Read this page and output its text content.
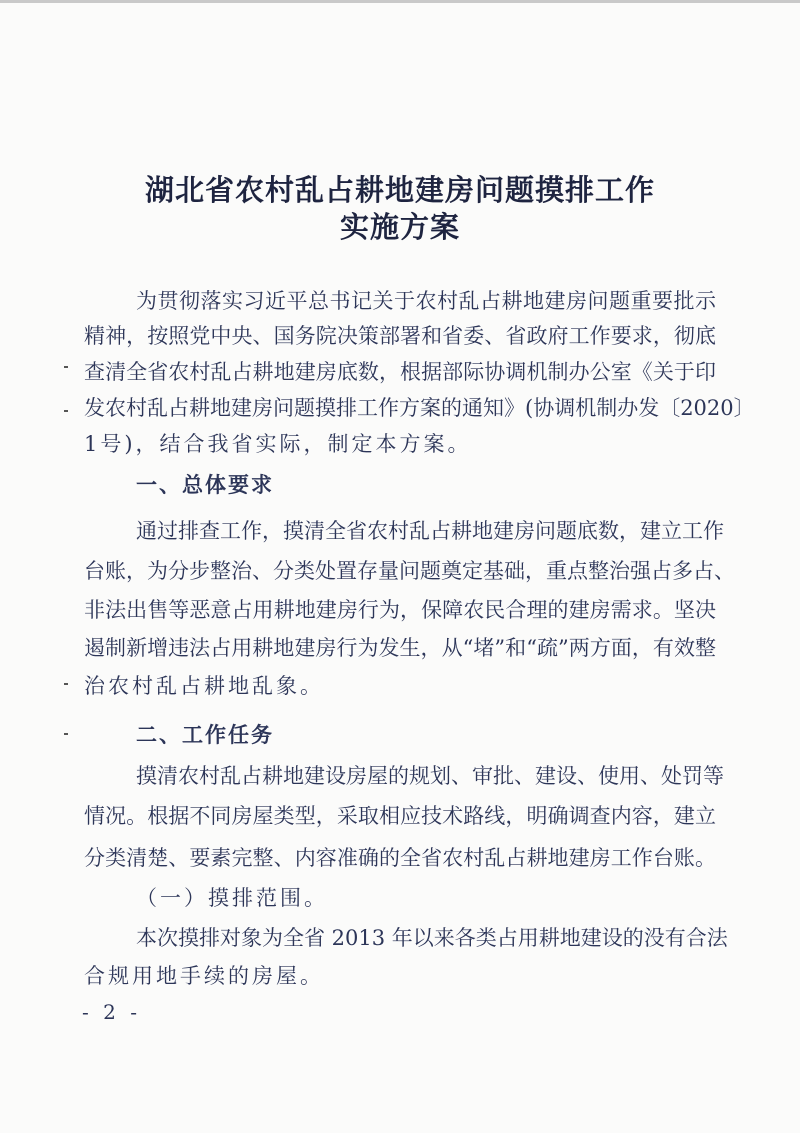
湖北省农村乱占耕地建房问题摸排工作
实施方案
为贯彻落实习近平总书记关于农村乱占耕地建房问题重要批示
精神，按照党中央、国务院决策部署和省委、省政府工作要求，彻底
查清全省农村乱占耕地建房底数，根据部际协调机制办公室《关于印
发农村乱占耕地建房问题摸排工作方案的通知》(协调机制办发〔2020〕
1号)，结合我省实际，制定本方案。
一、总体要求
通过排查工作，摸清全省农村乱占耕地建房问题底数，建立工作
台账，为分步整治、分类处置存量问题奠定基础，重点整治强占多占、
非法出售等恶意占用耕地建房行为，保障农民合理的建房需求。坚决
遏制新增违法占用耕地建房行为发生，从“堵”和“疏”两方面，有效整
治农村乱占耕地乱象。
二、工作任务
摸清农村乱占耕地建设房屋的规划、审批、建设、使用、处罚等
情况。根据不同房屋类型，采取相应技术路线，明确调查内容，建立
分类清楚、要素完整、内容准确的全省农村乱占耕地建房工作台账。
（一）摸排范围。
本次摸排对象为全省 2013 年以来各类占用耕地建设的没有合法
合规用地手续的房屋。
- 2 -
